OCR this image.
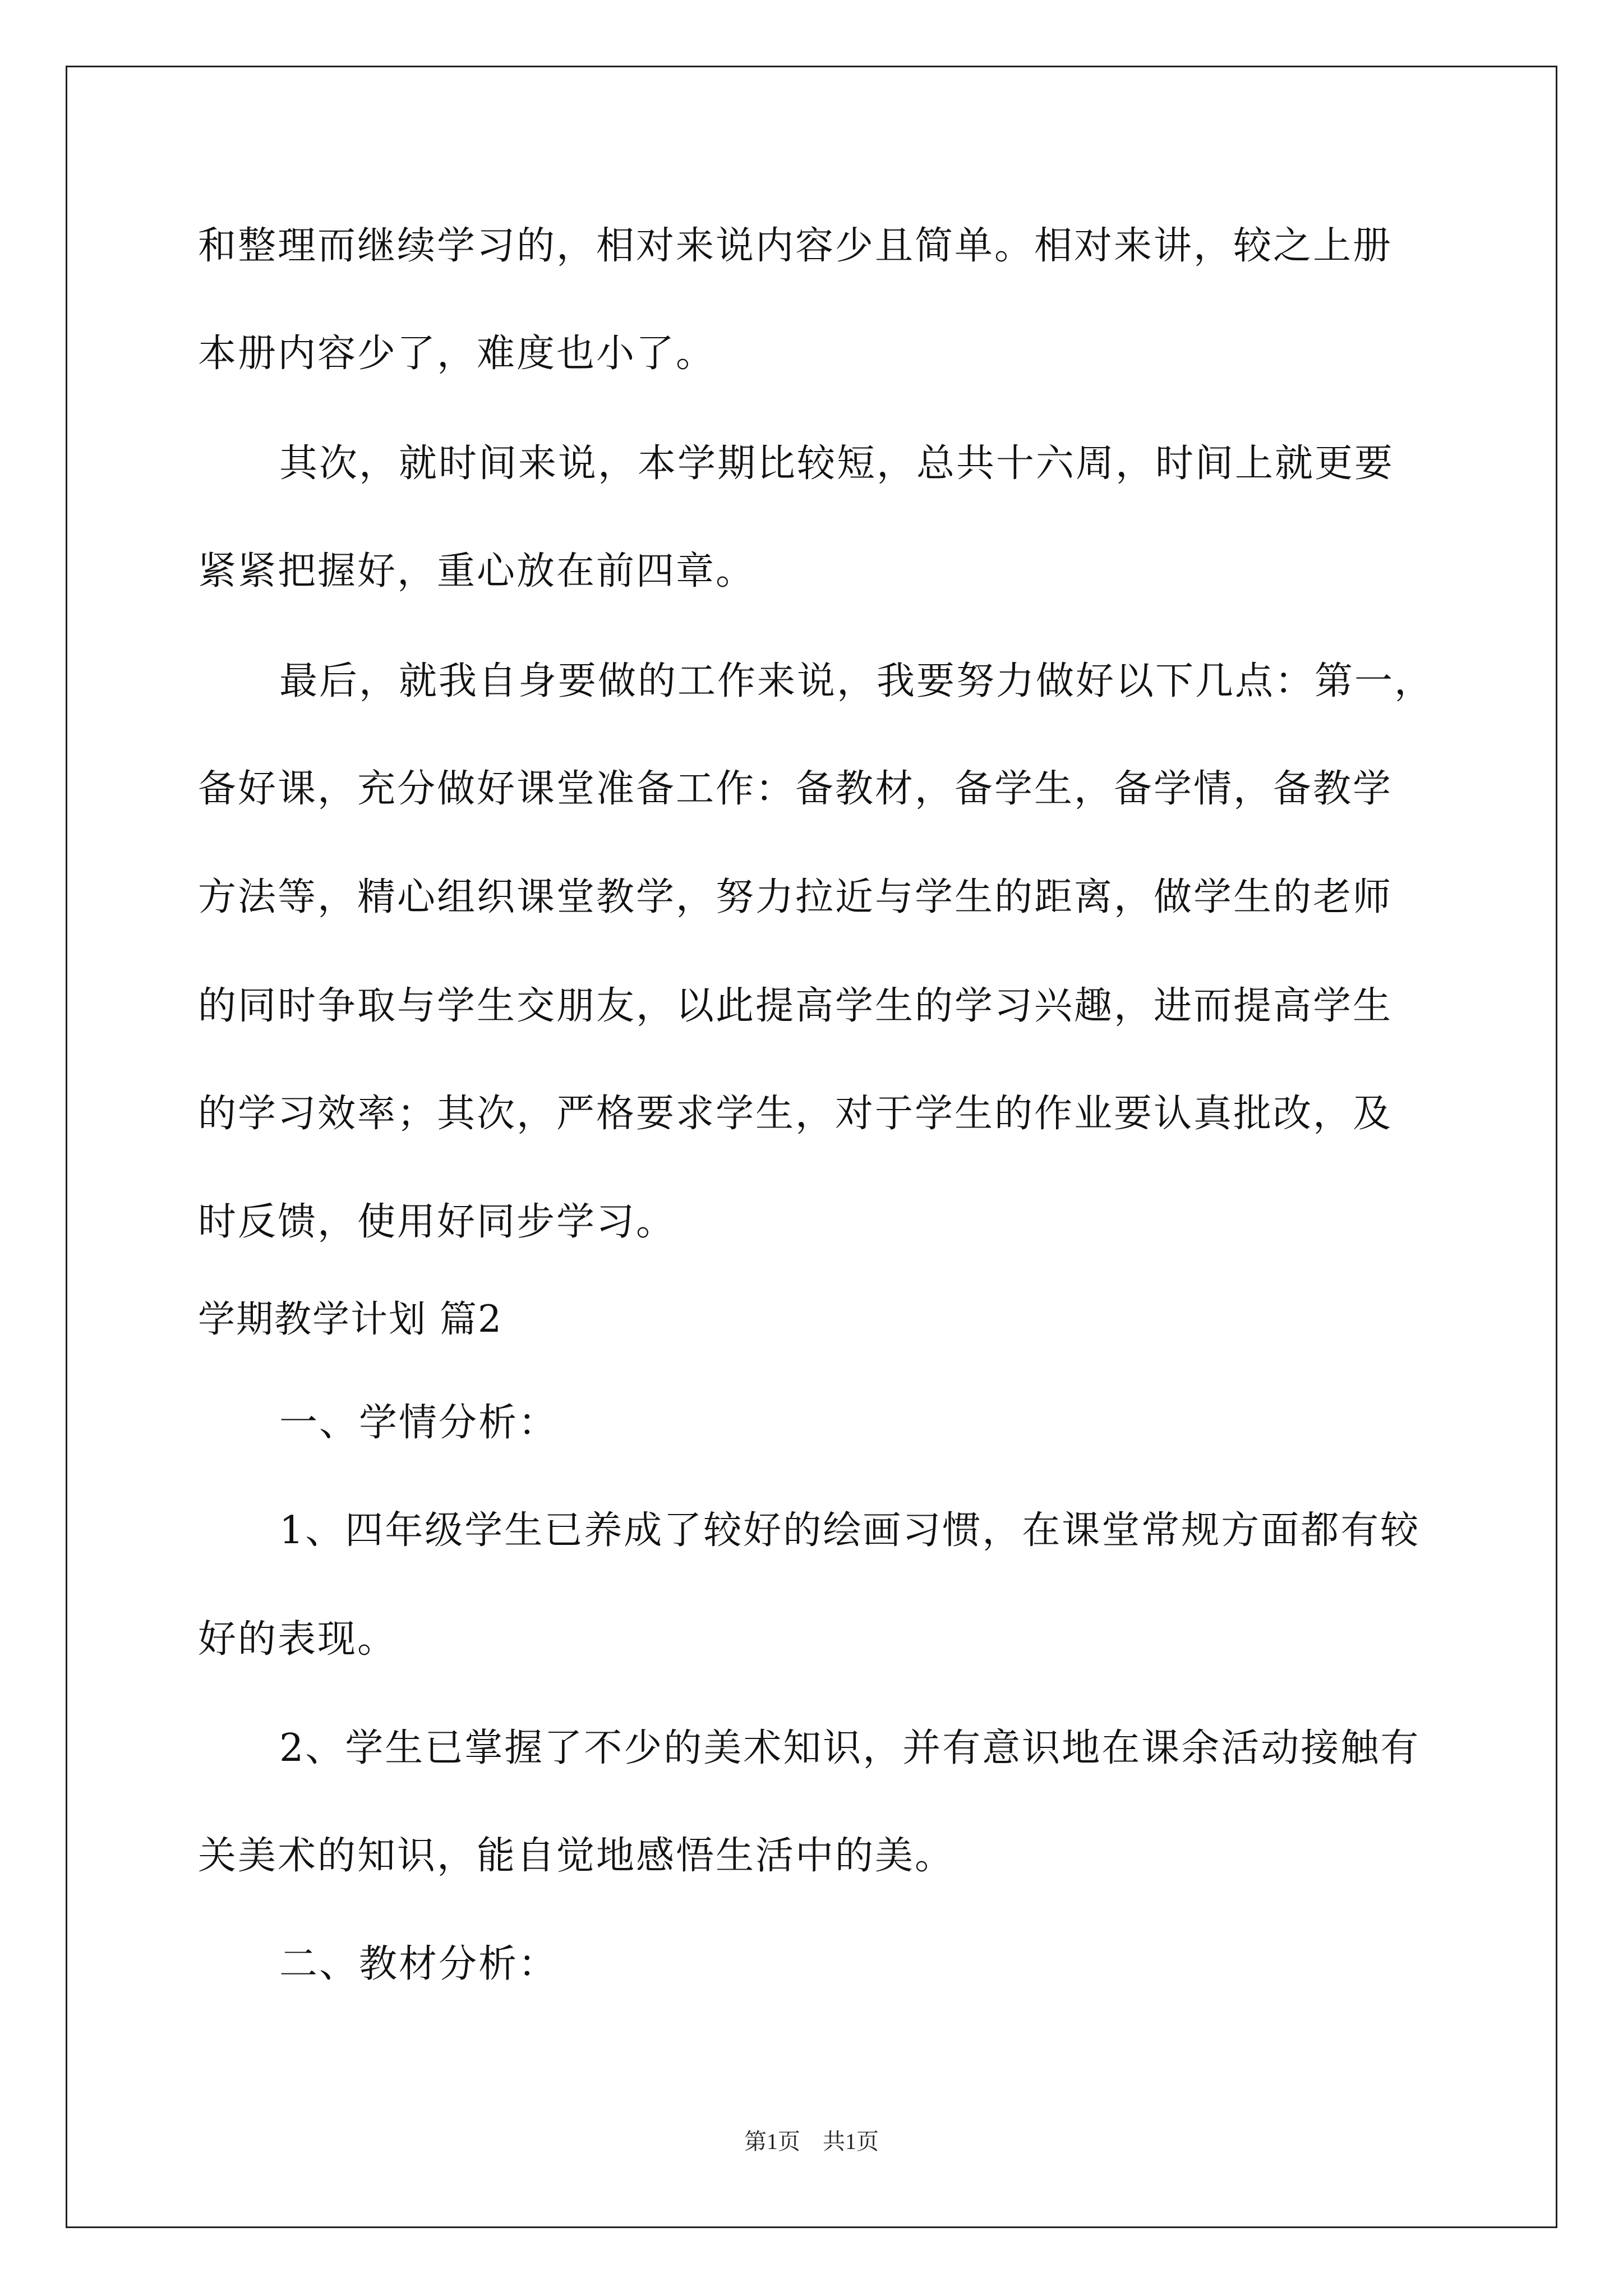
和整理而继续学习的，相对来说内容少且简单。相对来讲，较之上册
本册内容少了，难度也小了。
其次，就时间来说，本学期比较短，总共十六周，时间上就更要
紧紧把握好，重心放在前四章。
最后，就我自身要做的工作来说，我要努力做好以下几点：第一，
备好课，充分做好课堂准备工作：备教材，备学生，备学情，备教学
方法等，精心组织课堂教学，努力拉近与学生的距离，做学生的老师
的同时争取与学生交朋友，以此提高学生的学习兴趣，进而提高学生
的学习效率；其次，严格要求学生，对于学生的作业要认真批改，及
时反馈，使用好同步学习。
学期教学计划 篇2
一、学情分析：
1、四年级学生已养成了较好的绘画习惯，在课堂常规方面都有较
好的表现。
2、学生已掌握了不少的美术知识，并有意识地在课余活动接触有
关美术的知识，能自觉地感悟生活中的美。
二、教材分析：
第1页　共1页
